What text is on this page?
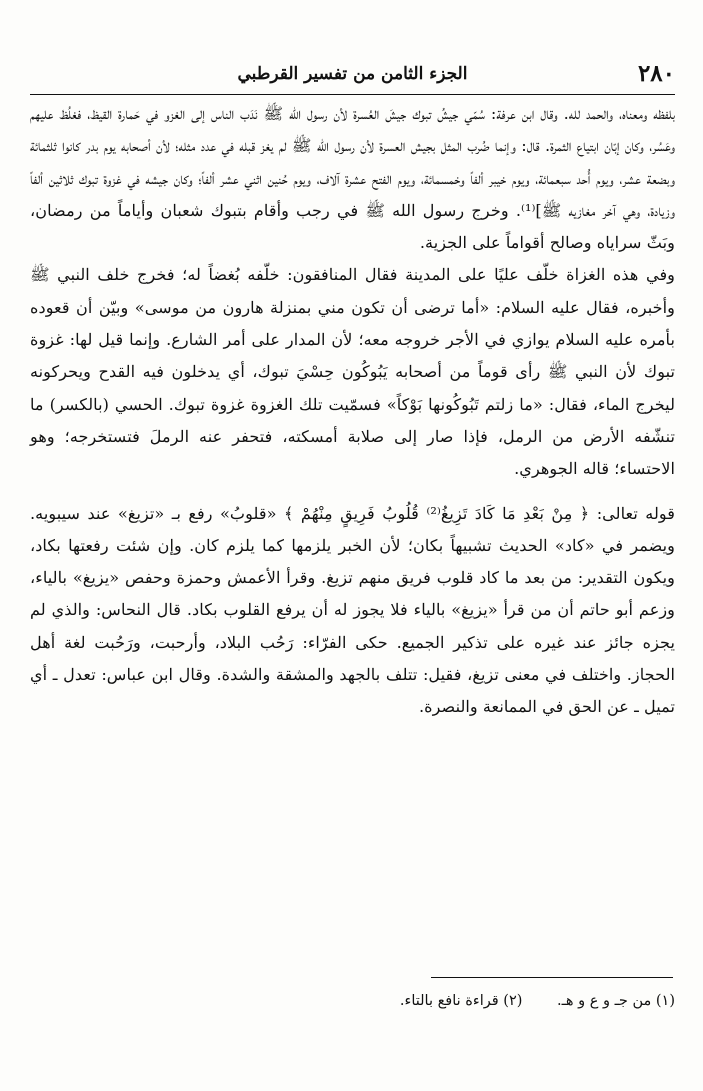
٢٨٠

الجزء الثامن من تفسير القرطبي

بلفظه ومعناه، والحمد لله. وقال ابن عرفة: سُمّي جيشُ تبوك جيشَ العُسرة لأن رسول الله ﷺ نَدَب الناس إلى الغزو في حَمارة القيظ، فغلُظ عليهم وعَسُر، وكان إبّان ابتياع الثمرة. قال: وإنما ضُرب المثل بجيش العسرة لأن رسول الله ﷺ لم يغز قبله في عدد مثله؛ لأن أصحابه يوم بدر كانوا ثلثمائة وبضعة عشر، ويوم أُحد سبعمائة، ويوم خيبر ألفاً وخمسمائة، ويوم الفتح عشرة آلاف، ويوم حُنين اثني عشر ألفاً؛ وكان جيشه في غزوة تبوك ثلاثين ألفاً وزيادة، وهي آخر مغازيه ﷺ]⁽¹⁾. وخرج رسول الله ﷺ في رجب وأقام بتبوك شعبان وأياماً من رمضان، وبَثّ سراياه وصالح أقواماً على الجزية.

وفي هذه الغزاة خلّف عليًا على المدينة فقال المنافقون: خلّفه بُغضاً له؛ فخرج خلف النبي ﷺ وأخبره، فقال عليه السلام: «أما ترضى أن تكون مني بمنزلة هارون من موسى» وبيّن أن قعوده بأمره عليه السلام يوازي في الأجر خروجه معه؛ لأن المدار على أمر الشارع. وإنما قيل لها: غزوة تبوك لأن النبي ﷺ رأى قوماً من أصحابه يَبُوكُون حِسْيَ تبوك، أي يدخلون فيه القدح ويحركونه ليخرج الماء، فقال: «ما زلتم تَبُوكُونها بَوْكاً» فسمّيت تلك الغزوة غزوة تبوك. الحسي (بالكسر) ما تنشّفه الأرض من الرمل، فإذا صار إلى صلابة أمسكته، فتحفر عنه الرملَ فتستخرجه؛ وهو الاحتساء؛ قاله الجوهري.

قوله تعالى: ﴿ مِنْ بَعْدِ مَا كَادَ تَزِيغُ⁽²⁾ قُلُوبُ فَرِيقٍ مِنْهُمْ ﴾ «قلوبُ» رفع بـ «تزيغ» عند سيبويه. ويضمر في «كاد» الحديث تشبيهاً بكان؛ لأن الخبر يلزمها كما يلزم كان. وإن شئت رفعتها بكاد، ويكون التقدير: من بعد ما كاد قلوب فريق منهم تزيغ. وقرأ الأعمش وحمزة وحفص «يزيغ» بالياء، وزعم أبو حاتم أن من قرأ «يزيغ» بالياء فلا يجوز له أن يرفع القلوب بكاد. قال النحاس: والذي لم يجزه جائز عند غيره على تذكير الجميع. حكى الفرّاء: رَحُب البلاد، وأرحبت، ورَحُبت لغة أهل الحجاز. واختلف في معنى تزيغ، فقيل: تتلف بالجهد والمشقة والشدة. وقال ابن عباس: تعدل ـ أي تميل ـ عن الحق في الممانعة والنصرة.

(١) من جـ و ع و هـ. (٢) قراءة نافع بالتاء.
